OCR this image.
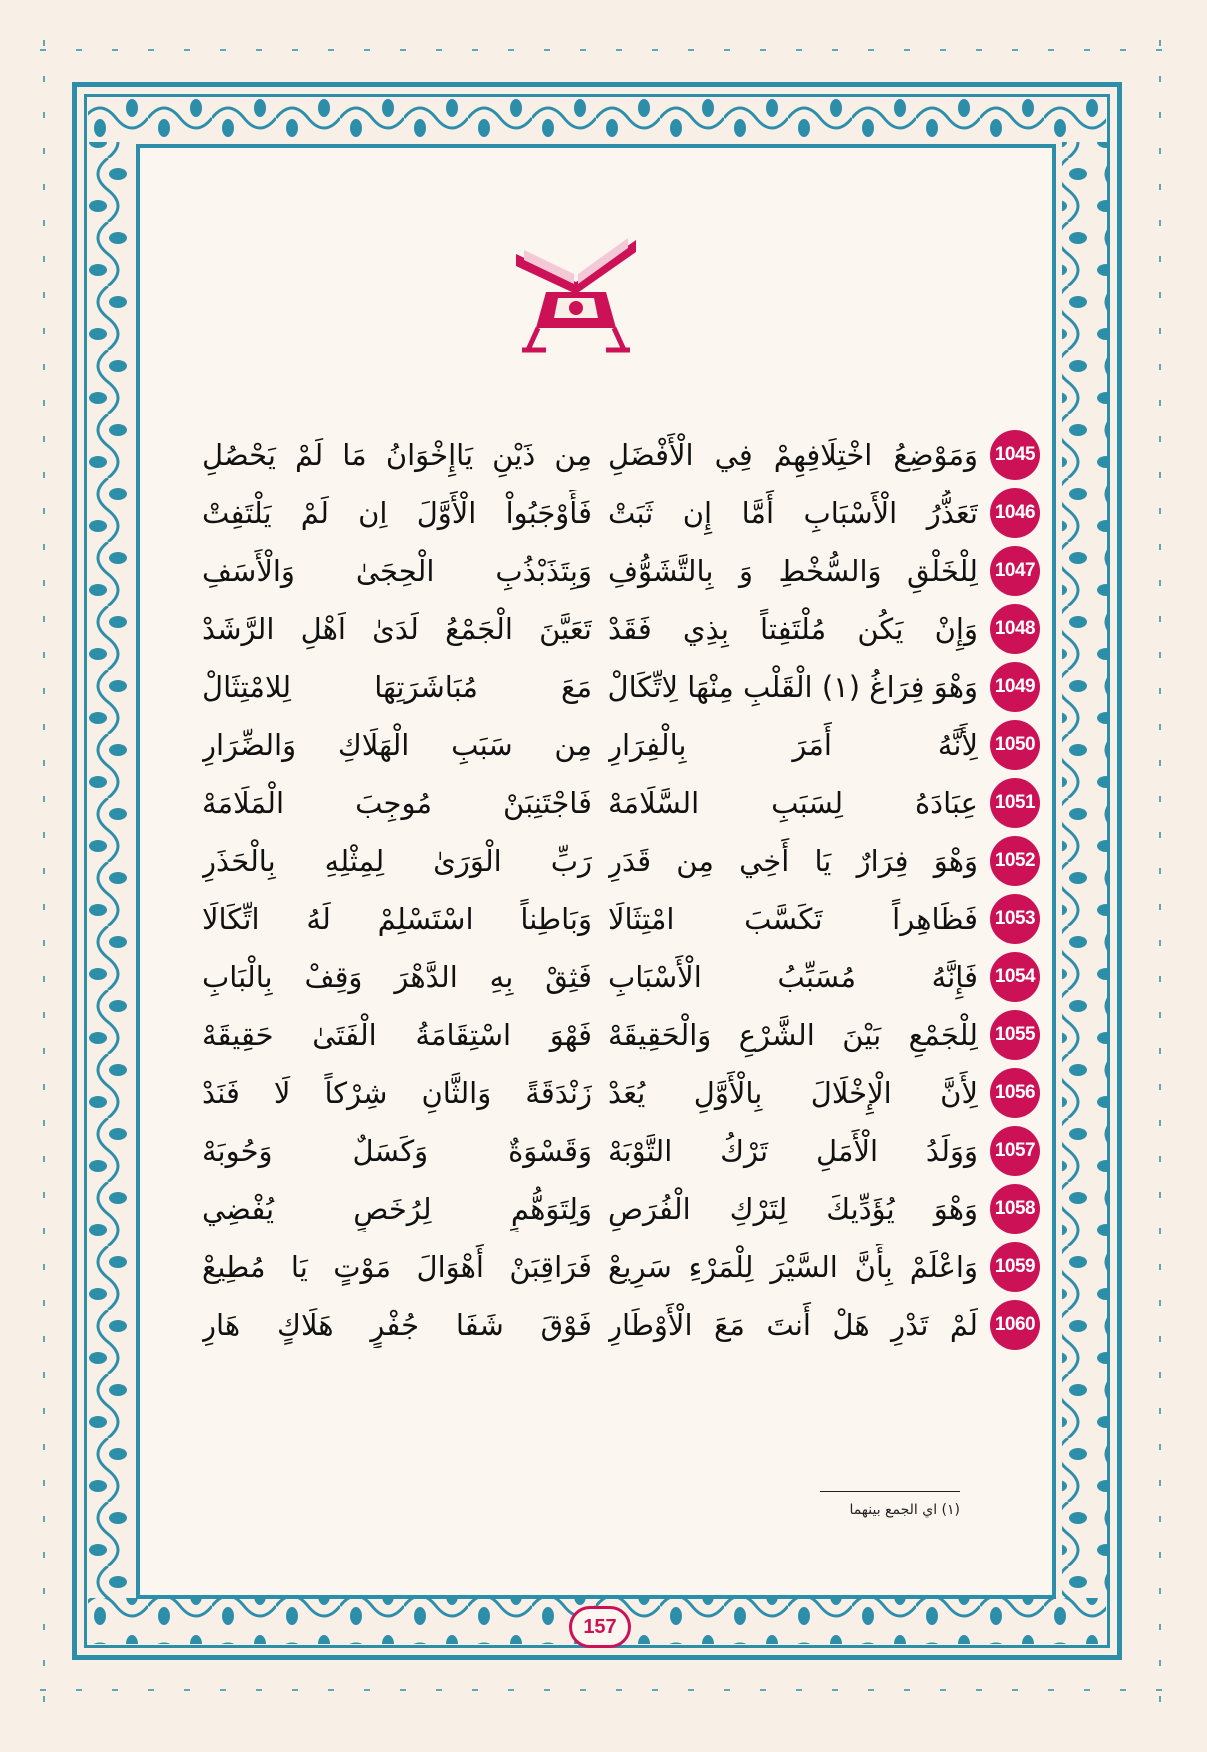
1045
وَمَوْضِعُ اخْتِلَافِهِمْ فِي الْأَفْضَلِ
مِن ذَيْنِ يَاإِخْوَانُ مَا لَمْ يَحْصُلِ
1046
تَعَذُّرُ الْأَسْبَابِ أَمَّا إِن ثَبَتْ
فَأَوْجَبُواْ الْأَوَّلَ اِن لَمْ يَلْتَفِتْ
1047
لِلْخَلْقِ وَالسُّخْطِ وَ بِالتَّشَوُّفِ
وَبِتَذَبْذُبِ الْحِجَىٰ وَالْأَسَفِ
1048
وَإِنْ يَكُن مُلْتَفِتاً بِذِي فَقَدْ
تَعَيَّنَ الْجَمْعُ لَدَىٰ اَهْلِ الرَّشَدْ
1049
وَهْوَ فِرَاغُ (١) الْقَلْبِ مِنْهَا لِاتِّكَالْ
مَعَ مُبَاشَرَتِهَا لِلامْتِثَالْ
1050
لِأَنَّهُ أَمَرَ بِالْفِرَارِ
مِن سَبَبِ الْهَلَاكِ وَالضِّرَارِ
1051
عِبَادَهُ لِسَبَبِ السَّلَامَهْ
فَاجْتَنِبَنْ مُوجِبَ الْمَلَامَهْ
1052
وَهْوَ فِرَارٌ يَا أَخِي مِن قَدَرِ
رَبِّ الْوَرَىٰ لِمِثْلِهِ بِالْحَذَرِ
1053
فَظَاهِراً تَكَسَّبَ امْتِثَالَا
وَبَاطِناً اسْتَسْلِمْ لَهُ اتِّكَالَا
1054
فَإِنَّهُ مُسَبِّبُ الْأَسْبَابِ
فَثِقْ بِهِ الدَّهْرَ وَقِفْ بِالْبَابِ
1055
لِلْجَمْعِ بَيْنَ الشَّرْعِ وَالْحَقِيقَهْ
فَهْوَ اسْتِقَامَةُ الْفَتَىٰ حَقِيقَهْ
1056
لِأَنَّ الْإِخْلَالَ بِالْأَوَّلِ يُعَدْ
زَنْدَقَةً وَالثَّانِ شِرْكاً لَا فَنَدْ
1057
وَوَلَدُ الْأَمَلِ تَرْكُ التَّوْبَهْ
وَقَسْوَةٌ وَكَسَلٌ وَحُوبَهْ
1058
وَهْوَ يُؤَدِّيكَ لِتَرْكِ الْفُرَصِ
وَلِتَوَهُّمٍ لِرُخَصٍ يُفْضِي
1059
وَاعْلَمْ بِأَنَّ السَّيْرَ لِلْمَرْءِ سَرِيعْ
فَرَاقِبَنْ أَهْوَالَ مَوْتٍ يَا مُطِيعْ
1060
لَمْ تَدْرِ هَلْ أَنتَ مَعَ الْأَوْطَارِ
فَوْقَ شَفَا جُفْرٍ هَلَاكٍ هَارِ
(١) اي الجمع بينهما
157
